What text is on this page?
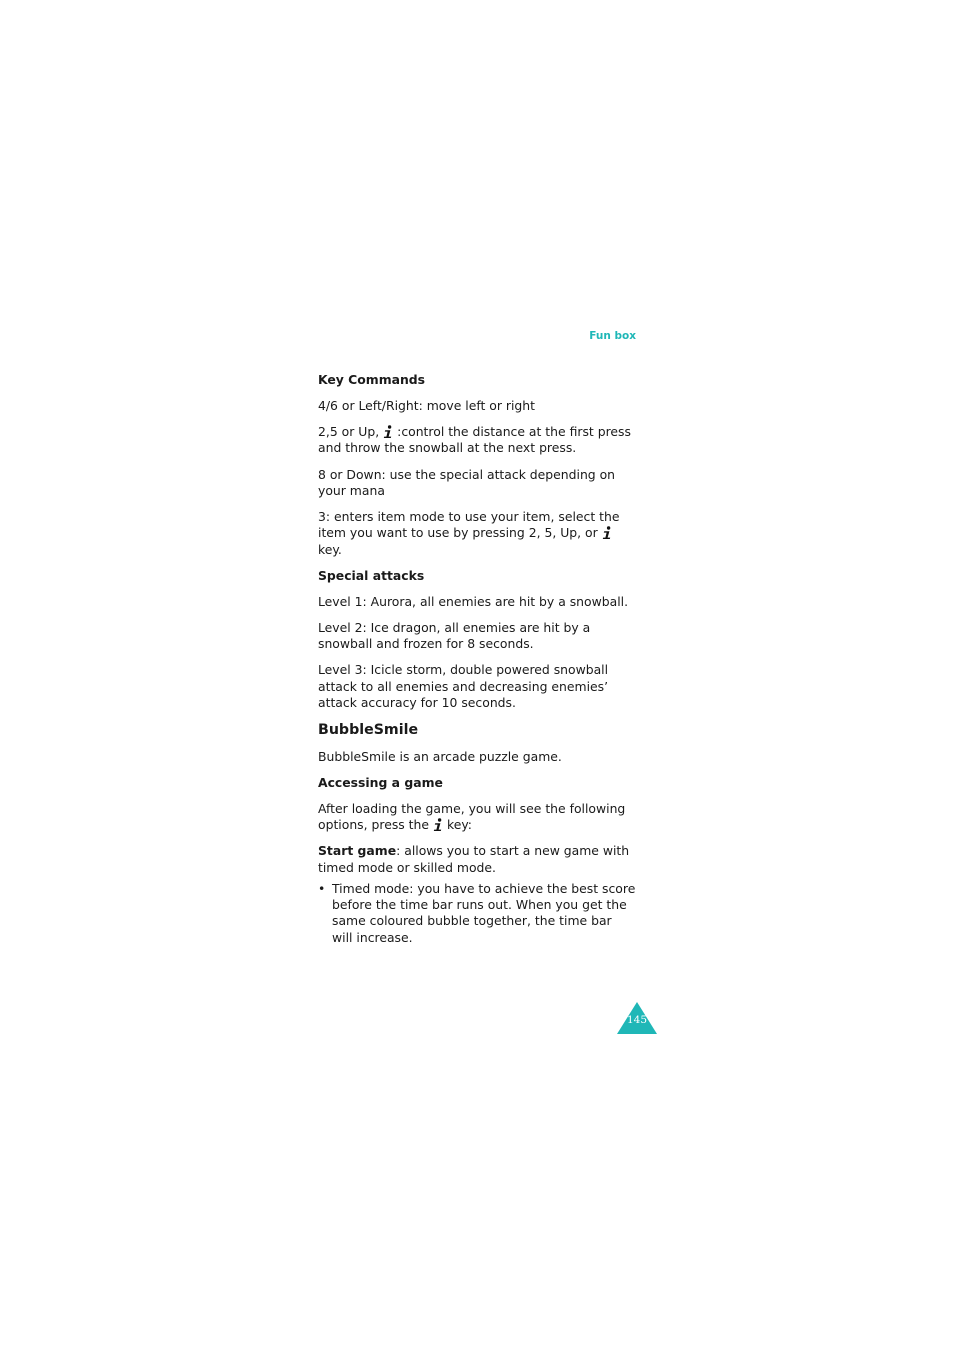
Fun box

Key Commands

4/6 or Left/Right: move left or right

2,5 or Up, :control the distance at the first press and throw the snowball at the next press.

8 or Down: use the special attack depending on your mana

3: enters item mode to use your item, select the item you want to use by pressing 2, 5, Up, or
key.

Special attacks

Level 1: Aurora, all enemies are hit by a snowball.

Level 2: Ice dragon, all enemies are hit by a snowball and frozen for 8 seconds.

Level 3: Icicle storm, double powered snowball attack to all enemies and decreasing enemies’ attack accuracy for 10 seconds.

BubbleSmile

BubbleSmile is an arcade puzzle game.

Accessing a game

After loading the game, you will see the following options, press the key:

Start game: allows you to start a new game with timed mode or skilled mode.

• Timed mode: you have to achieve the best score before the time bar runs out. When you get the same coloured bubble together, the time bar will increase.
145
